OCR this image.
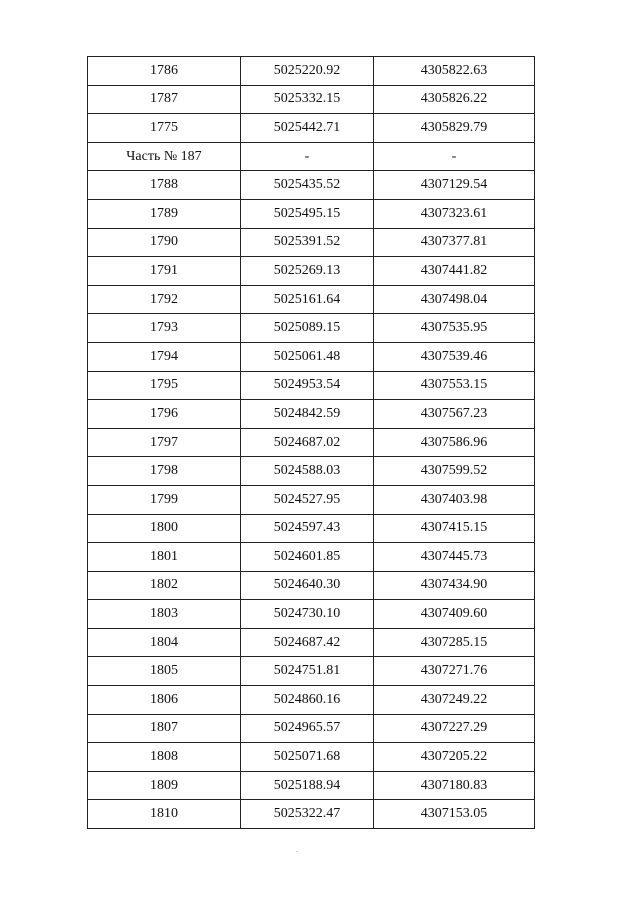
1786	5025220.92	4305822.63
1787	5025332.15	4305826.22
1775	5025442.71	4305829.79
Часть № 187	-	-
1788	5025435.52	4307129.54
1789	5025495.15	4307323.61
1790	5025391.52	4307377.81
1791	5025269.13	4307441.82
1792	5025161.64	4307498.04
1793	5025089.15	4307535.95
1794	5025061.48	4307539.46
1795	5024953.54	4307553.15
1796	5024842.59	4307567.23
1797	5024687.02	4307586.96
1798	5024588.03	4307599.52
1799	5024527.95	4307403.98
1800	5024597.43	4307415.15
1801	5024601.85	4307445.73
1802	5024640.30	4307434.90
1803	5024730.10	4307409.60
1804	5024687.42	4307285.15
1805	5024751.81	4307271.76
1806	5024860.16	4307249.22
1807	5024965.57	4307227.29
1808	5025071.68	4307205.22
1809	5025188.94	4307180.83
1810	5025322.47	4307153.05
